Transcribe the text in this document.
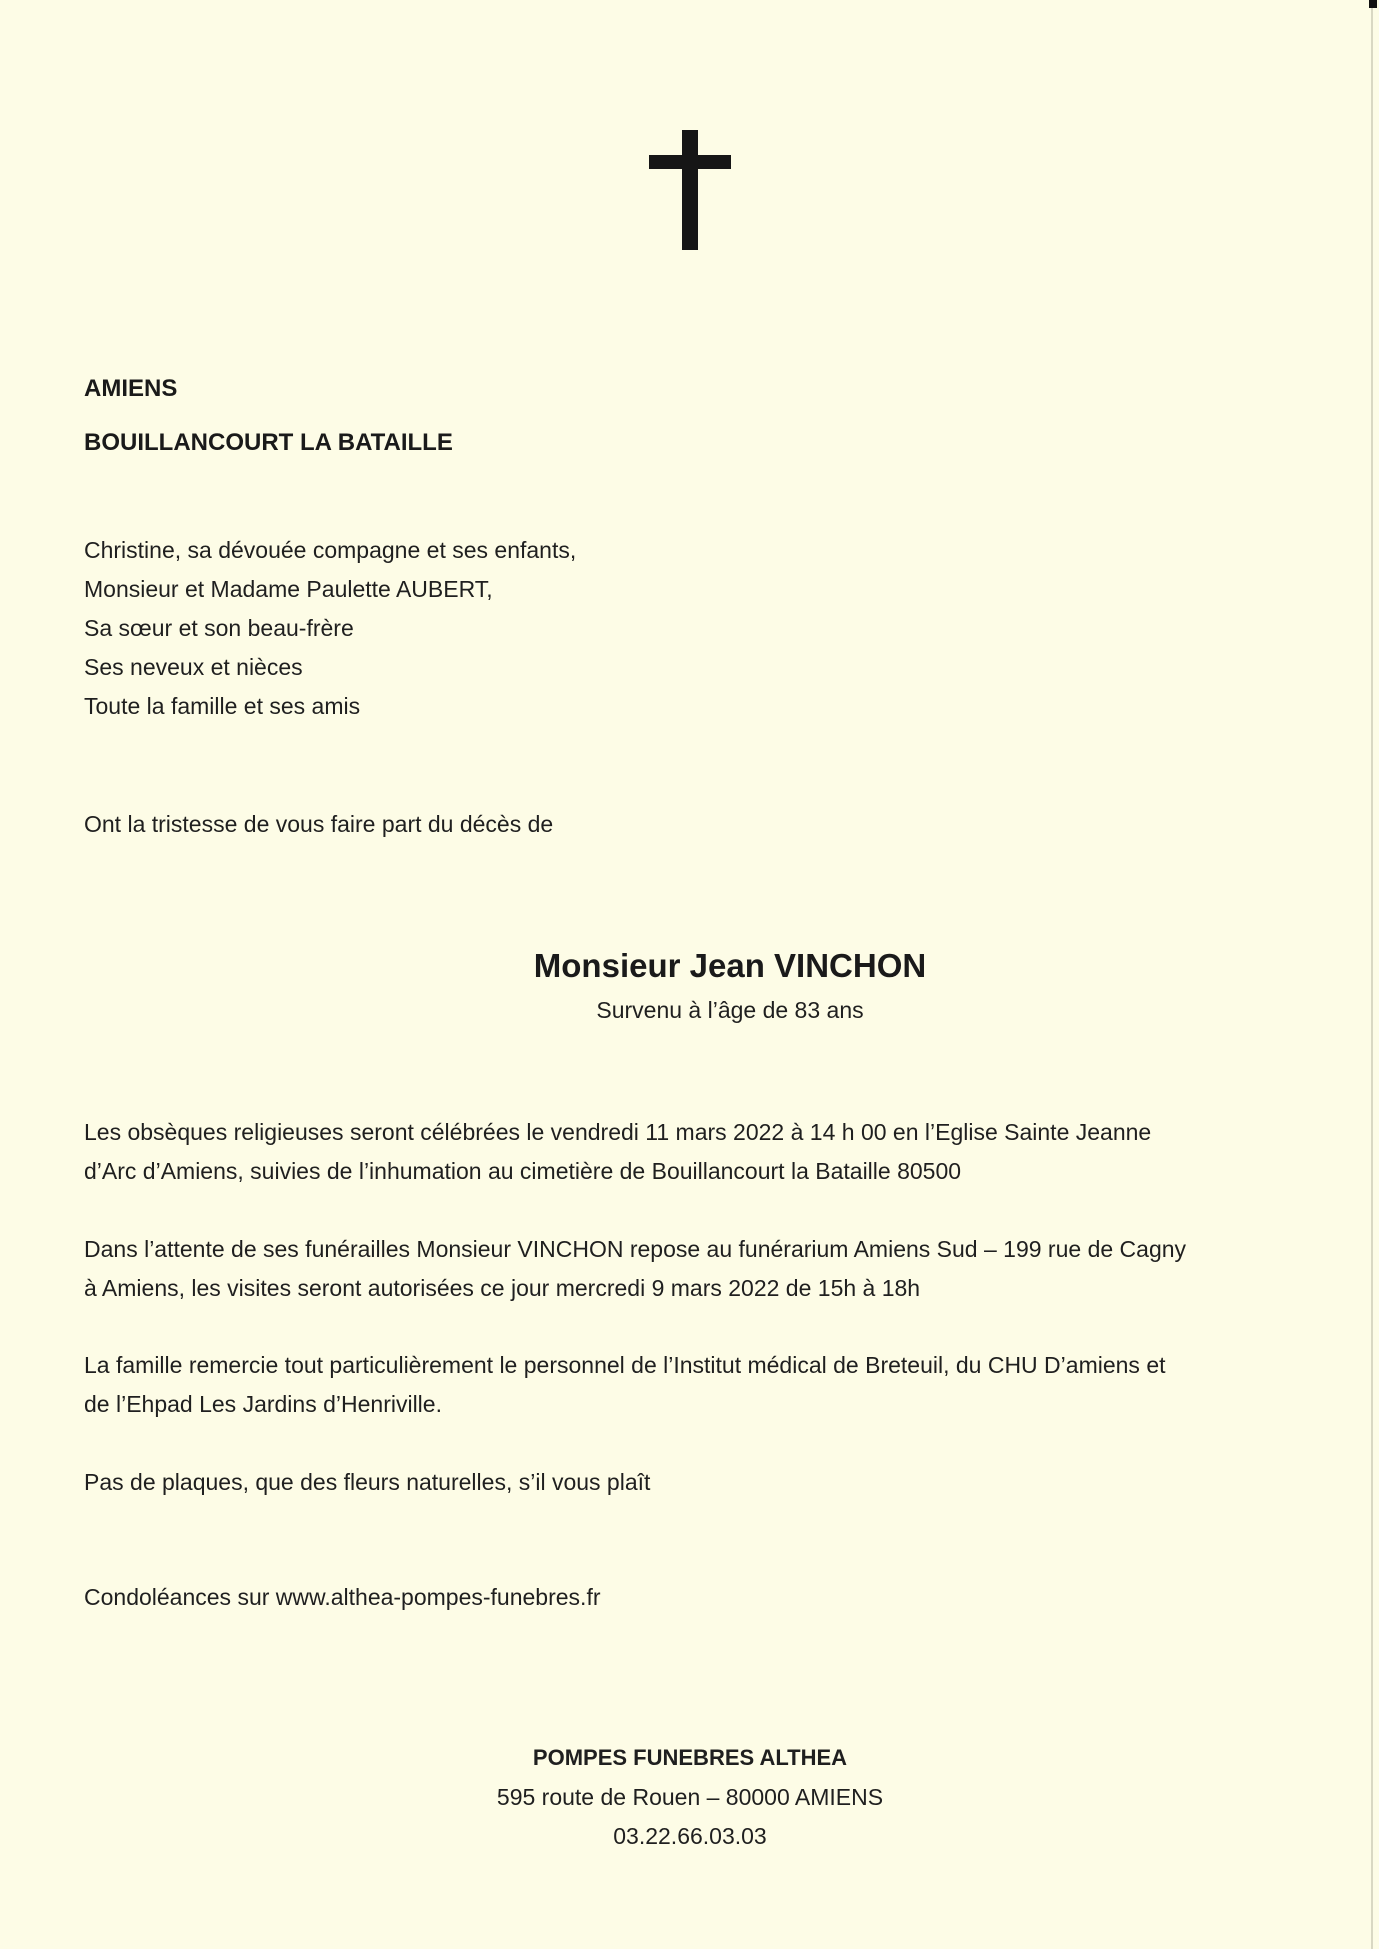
AMIENS
BOUILLANCOURT LA BATAILLE
Christine, sa dévouée compagne et ses enfants,
Monsieur et Madame Paulette AUBERT,
Sa sœur et son beau-frère
Ses neveux et nièces
Toute la famille et ses amis
Ont la tristesse de vous faire part du décès de
Monsieur Jean VINCHON
Survenu à l’âge de 83 ans
Les obsèques religieuses seront célébrées le vendredi 11 mars 2022 à 14 h 00 en l’Eglise Sainte Jeanne
d’Arc d’Amiens, suivies de l’inhumation au cimetière de Bouillancourt la Bataille 80500
Dans l’attente de ses funérailles Monsieur VINCHON repose au funérarium Amiens Sud – 199 rue de Cagny
à Amiens, les visites seront autorisées ce jour mercredi 9 mars 2022 de 15h à 18h
La famille remercie tout particulièrement le personnel de l’Institut médical de Breteuil, du CHU D’amiens et
de l’Ehpad Les Jardins d’Henriville.
Pas de plaques, que des fleurs naturelles, s’il vous plaît
Condoléances sur www.althea-pompes-funebres.fr
POMPES FUNEBRES ALTHEA
595 route de Rouen – 80000 AMIENS
03.22.66.03.03
